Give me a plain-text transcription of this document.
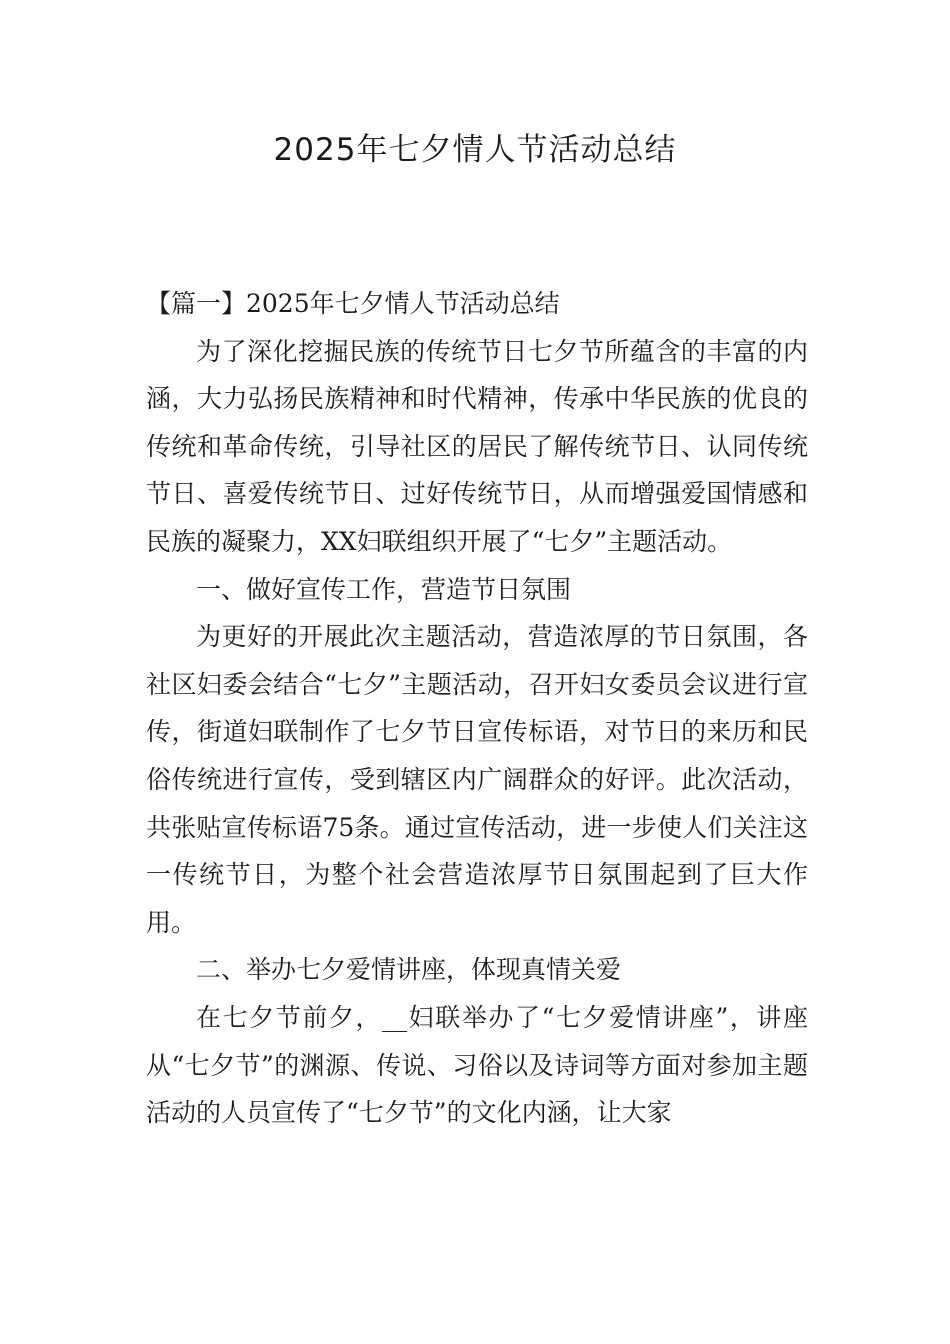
2025年七夕情人节活动总结

【篇一】2025年七夕情人节活动总结

为了深化挖掘民族的传统节日七夕节所蕴含的丰富的内涵，大力弘扬民族精神和时代精神，传承中华民族的优良的传统和革命传统，引导社区的居民了解传统节日、认同传统节日、喜爱传统节日、过好传统节日，从而增强爱国情感和民族的凝聚力，XX妇联组织开展了“七夕”主题活动。

一、做好宣传工作，营造节日氛围

为更好的开展此次主题活动，营造浓厚的节日氛围，各社区妇委会结合“七夕”主题活动，召开妇女委员会议进行宣传，街道妇联制作了七夕节日宣传标语，对节日的来历和民俗传统进行宣传，受到辖区内广阔群众的好评。此次活动，共张贴宣传标语75条。通过宣传活动，进一步使人们关注这一传统节日，为整个社会营造浓厚节日氛围起到了巨大作用。

二、举办七夕爱情讲座，体现真情关爱

在七夕节前夕，__妇联举办了“七夕爱情讲座”，讲座从“七夕节”的渊源、传说、习俗以及诗词等方面对参加主题活动的人员宣传了“七夕节”的文化内涵，让大家
